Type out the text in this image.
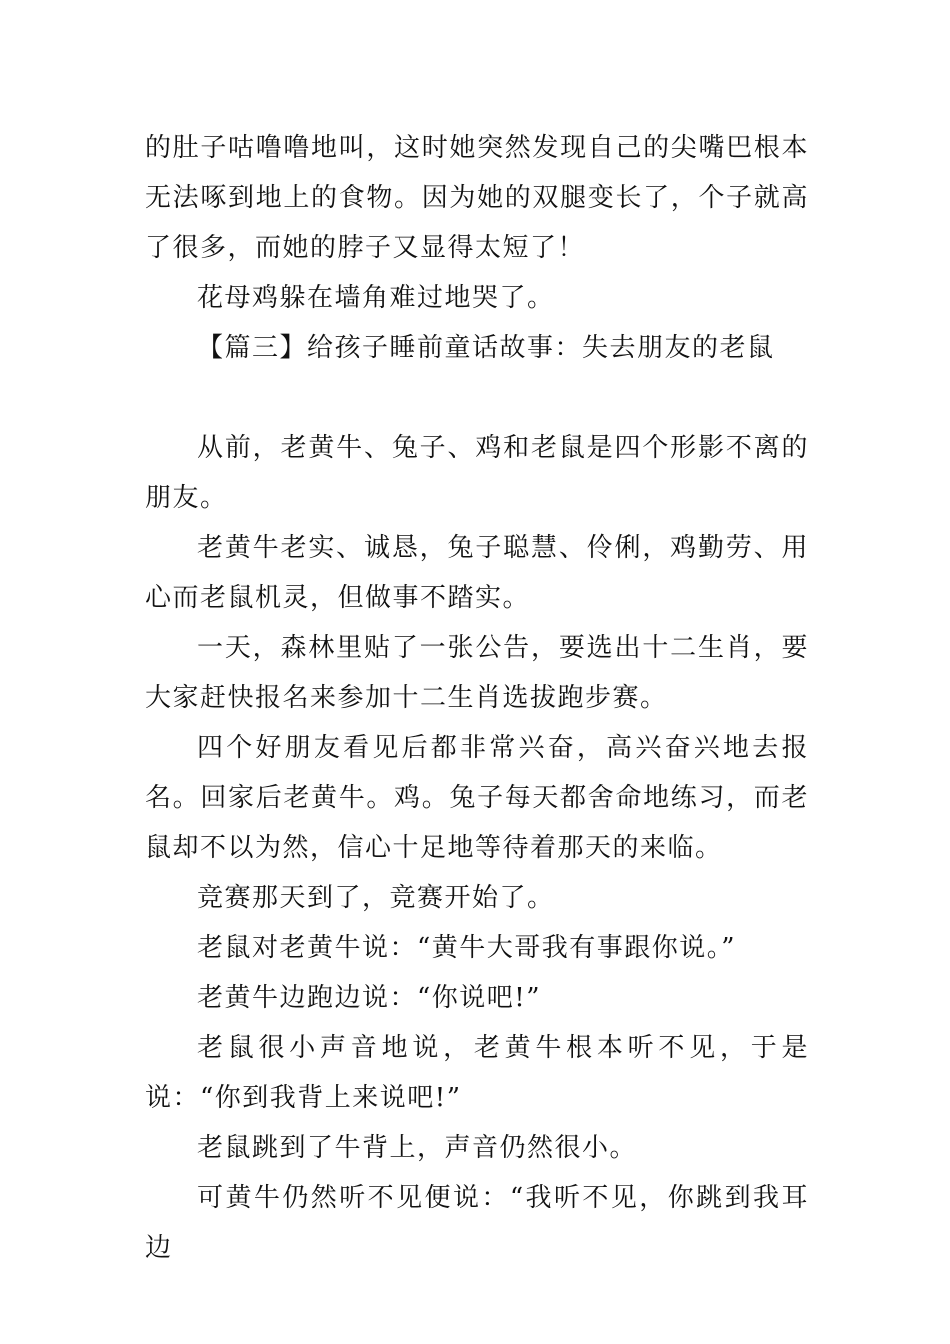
的肚子咕噜噜地叫，这时她突然发现自己的尖嘴巴根本无法啄到地上的食物。因为她的双腿变长了，个子就高了很多，而她的脖子又显得太短了！

花母鸡躲在墙角难过地哭了。

【篇三】给孩子睡前童话故事：失去朋友的老鼠

从前，老黄牛、兔子、鸡和老鼠是四个形影不离的朋友。

老黄牛老实、诚恳，兔子聪慧、伶俐，鸡勤劳、用心而老鼠机灵，但做事不踏实。

一天，森林里贴了一张公告，要选出十二生肖，要大家赶快报名来参加十二生肖选拔跑步赛。

四个好朋友看见后都非常兴奋，高兴奋兴地去报名。回家后老黄牛。鸡。兔子每天都舍命地练习，而老鼠却不以为然，信心十足地等待着那天的来临。

竞赛那天到了，竞赛开始了。

老鼠对老黄牛说：“黄牛大哥我有事跟你说。”

老黄牛边跑边说：“你说吧!”

老鼠很小声音地说，老黄牛根本听不见，于是说：“你到我背上来说吧!”

老鼠跳到了牛背上，声音仍然很小。

可黄牛仍然听不见便说：“我听不见，你跳到我耳边
